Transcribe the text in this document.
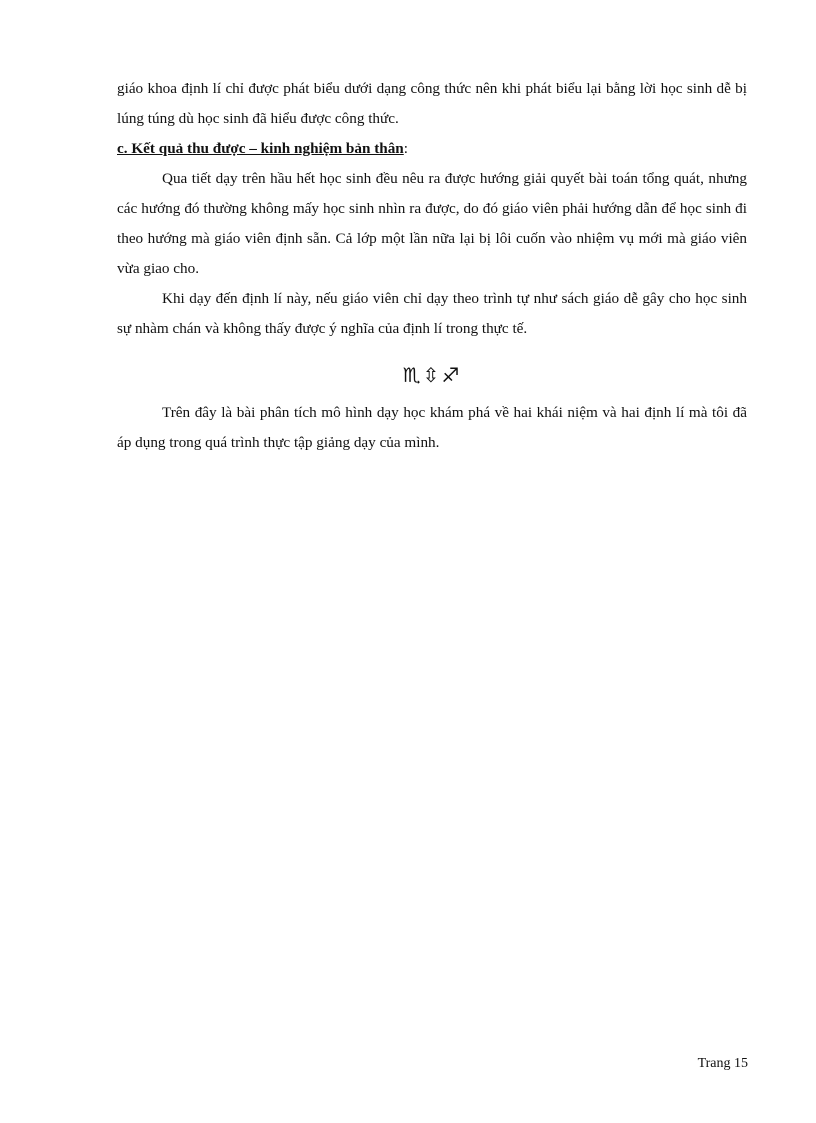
giáo khoa định lí chỉ được phát biểu dưới dạng công thức nên khi phát biểu lại bằng lời học sinh dễ bị lúng túng dù học sinh đã hiểu được công thức.

c. Kết quả thu được – kinh nghiệm bản thân:

Qua tiết dạy trên hầu hết học sinh đều nêu ra được hướng giải quyết bài toán tổng quát, nhưng các hướng đó thường không mấy học sinh nhìn ra được, do đó giáo viên phải hướng dẫn để học sinh đi theo hướng mà giáo viên định sẵn. Cả lớp một lần nữa lại bị lôi cuốn vào nhiệm vụ mới mà giáo viên vừa giao cho.

Khi dạy đến định lí này, nếu giáo viên chỉ dạy theo trình tự như sách giáo dễ gây cho học sinh sự nhàm chán và không thấy được ý nghĩa của định lí trong thực tế.

♏⇳♐

Trên đây là bài phân tích mô hình dạy học khám phá về hai khái niệm và hai định lí mà tôi đã áp dụng trong quá trình thực tập giảng dạy của mình.

Trang 15
